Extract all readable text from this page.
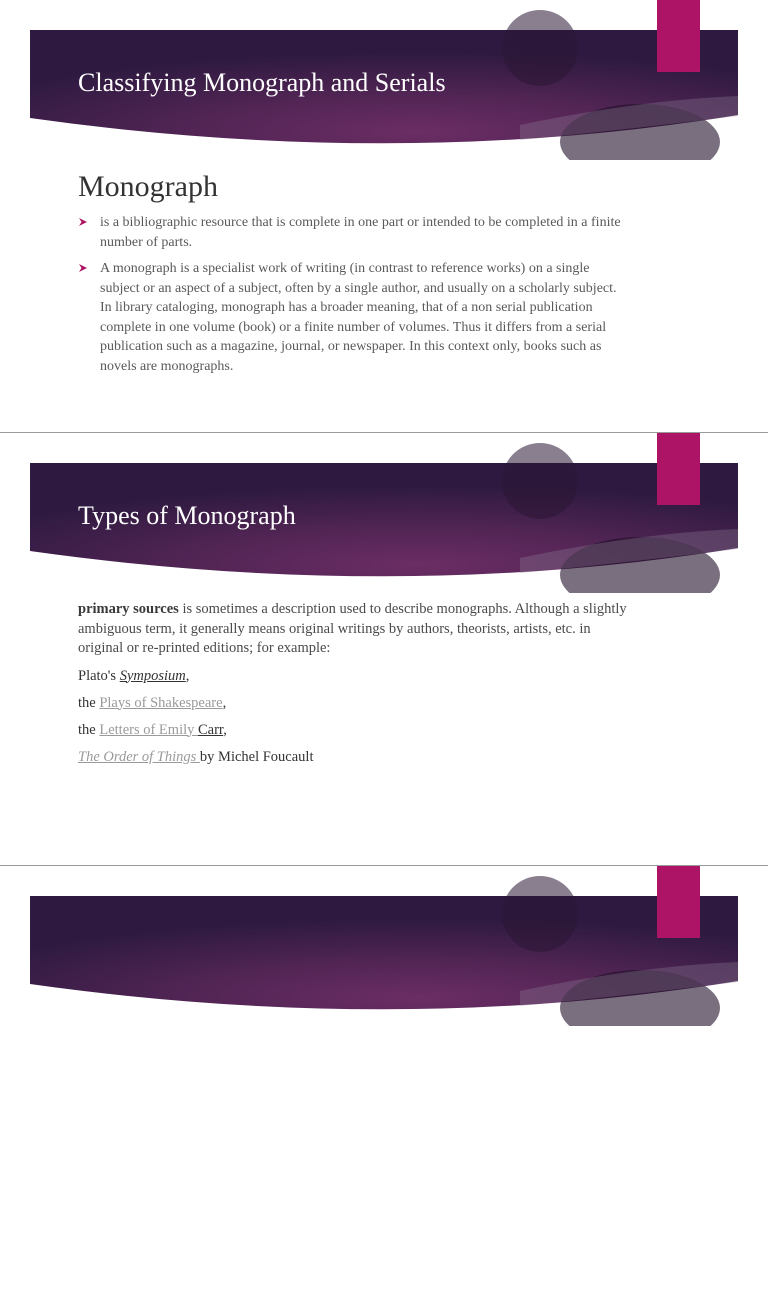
Classifying Monograph and Serials
Monograph
is a bibliographic resource that is complete in one part or intended to be completed in a finite number of parts.
A monograph is a specialist work of writing (in contrast to reference works) on a single subject or an aspect of a subject, often by a single author, and usually on a scholarly subject. In library cataloging, monograph has a broader meaning, that of a non serial publication complete in one volume (book) or a finite number of volumes. Thus it differs from a serial publication such as a magazine, journal, or newspaper. In this context only, books such as novels are monographs.
Types of Monograph

primary sources is sometimes a description used to describe monographs. Although a slightly ambiguous term, it generally means original writings by authors, theorists, artists, etc. in original or re-printed editions; for example:

Plato's Symposium,
the Plays of Shakespeare,
the Letters of Emily Carr,
The Order of Things by Michel Foucault
